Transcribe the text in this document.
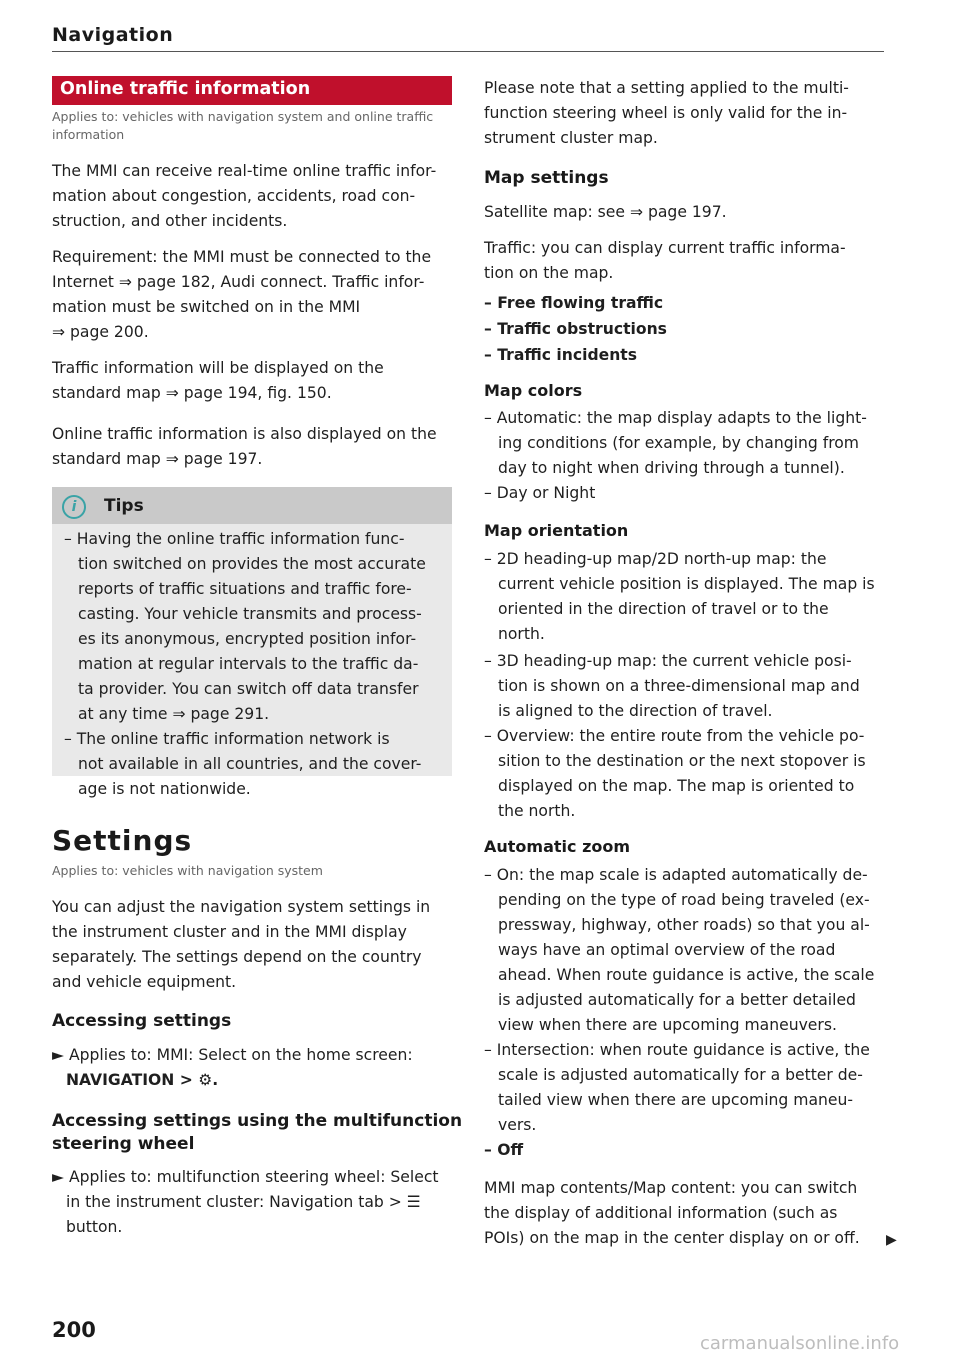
Navigation
Online traffic information
Applies to: vehicles with navigation system and online traffic information
The MMI can receive real-time online traffic infor-
mation about congestion, accidents, road con-
struction, and other incidents.
Requirement: the MMI must be connected to the
Internet ⇒ page 182, Audi connect. Traffic infor-
mation must be switched on in the MMI
⇒ page 200.
Traffic information will be displayed on the
standard map ⇒ page 194, fig. 150.
Online traffic information is also displayed on the
standard map ⇒ page 197.
i	Tips
– Having the online traffic information func-
tion switched on provides the most accurate
reports of traffic situations and traffic fore-
casting. Your vehicle transmits and process-
es its anonymous, encrypted position infor-
mation at regular intervals to the traffic da-
ta provider. You can switch off data transfer
at any time ⇒ page 291.
– The online traffic information network is
not available in all countries, and the cover-
age is not nationwide.
Settings
Applies to: vehicles with navigation system
You can adjust the navigation system settings in
the instrument cluster and in the MMI display
separately. The settings depend on the country
and vehicle equipment.
Accessing settings
► Applies to: MMI: Select on the home screen:
NAVIGATION > ⚙.
Accessing settings using the multifunction
steering wheel
► Applies to: multifunction steering wheel: Select
in the instrument cluster: Navigation tab > ☰
button.
200
Please note that a setting applied to the multi-
function steering wheel is only valid for the in-
strument cluster map.
Map settings
Satellite map: see ⇒ page 197.
Traffic: you can display current traffic informa-
tion on the map.
– Free flowing traffic
– Traffic obstructions
– Traffic incidents
Map colors
– Automatic: the map display adapts to the light-
ing conditions (for example, by changing from
day to night when driving through a tunnel).
– Day or Night
Map orientation
– 2D heading-up map/2D north-up map: the
current vehicle position is displayed. The map is
oriented in the direction of travel or to the
north.
– 3D heading-up map: the current vehicle posi-
tion is shown on a three-dimensional map and
is aligned to the direction of travel.
– Overview: the entire route from the vehicle po-
sition to the destination or the next stopover is
displayed on the map. The map is oriented to
the north.
Automatic zoom
– On: the map scale is adapted automatically de-
pending on the type of road being traveled (ex-
pressway, highway, other roads) so that you al-
ways have an optimal overview of the road
ahead. When route guidance is active, the scale
is adjusted automatically for a better detailed
view when there are upcoming maneuvers.
– Intersection: when route guidance is active, the
scale is adjusted automatically for a better de-
tailed view when there are upcoming maneu-
vers.
– Off
MMI map contents/Map content: you can switch
the display of additional information (such as
POIs) on the map in the center display on or off.	▶
carmanualsonline.info
